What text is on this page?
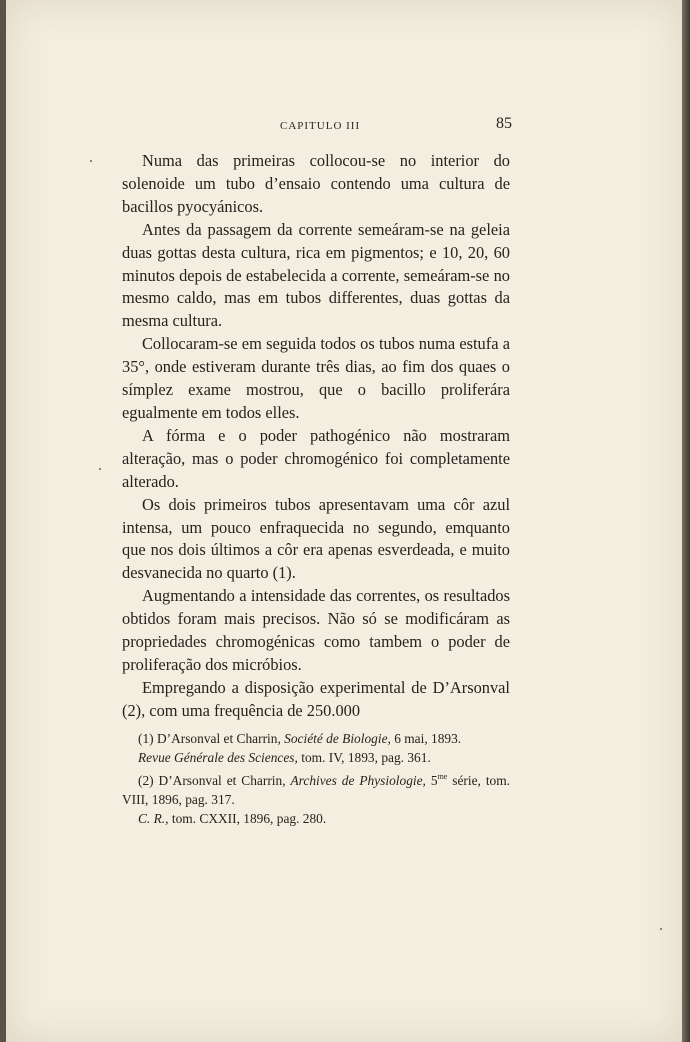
CAPITULO III	85

Numa das primeiras collocou-se no interior do solenoide um tubo d’ensaio contendo uma cultura de bacillos pyocyánicos.

Antes da passagem da corrente semeáram-se na geleia duas gottas desta cultura, rica em pigmentos; e 10, 20, 60 minutos depois de estabelecida a corrente, semeáram-se no mesmo caldo, mas em tubos differentes, duas gottas da mesma cultura.

Collocaram-se em seguida todos os tubos numa estufa a 35°, onde estiveram durante três dias, ao fim dos quaes o símplez exame mostrou, que o bacillo proliferára egualmente em todos elles.

A fórma e o poder pathogénico não mostraram alteração, mas o poder chromogénico foi completamente alterado.

Os dois primeiros tubos apresentavam uma côr azul intensa, um pouco enfraquecida no segundo, emquanto que nos dois últimos a côr era apenas esverdeada, e muito desvanecida no quarto (1).

Augmentando a intensidade das correntes, os resultados obtidos foram mais precisos. Não só se modificáram as propriedades chromogénicas como tambem o poder de proliferação dos micróbios.

Empregando a disposição experimental de D’Arsonval (2), com uma frequência de 250.000

(1) D’Arsonval et Charrin, Société de Biologie, 6 mai, 1893.

Revue Générale des Sciences, tom. IV, 1893, pag. 361.

(2) D’Arsonval et Charrin, Archives de Physiologie, $5^{me}$ série, tom. VIII, 1896, pag. 317.

C. R., tom. CXXII, 1896, pag. 280.
